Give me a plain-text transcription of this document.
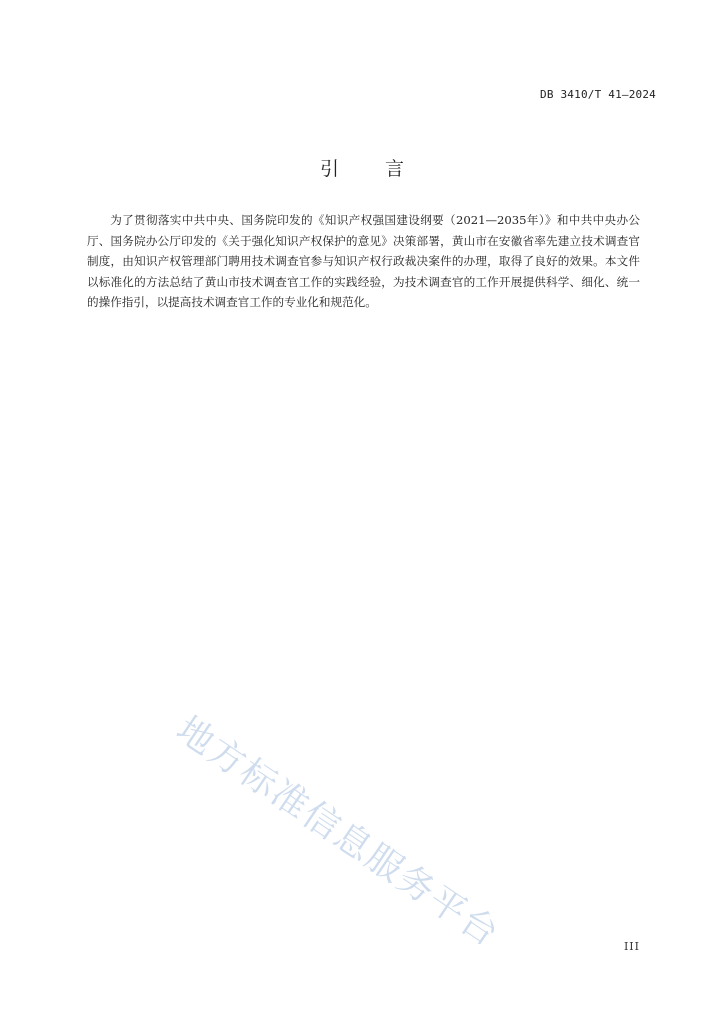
DB 3410/T 41—2024
引 言

为了贯彻落实中共中央、国务院印发的《知识产权强国建设纲要（2021—2035年）》和中共中央办公厅、国务院办公厅印发的《关于强化知识产权保护的意见》决策部署，黄山市在安徽省率先建立技术调查官制度，由知识产权管理部门聘用技术调查官参与知识产权行政裁决案件的办理，取得了良好的效果。本文件以标准化的方法总结了黄山市技术调查官工作的实践经验，为技术调查官的工作开展提供科学、细化、统一的操作指引，以提高技术调查官工作的专业化和规范化。

地方标准信息服务平台	III
